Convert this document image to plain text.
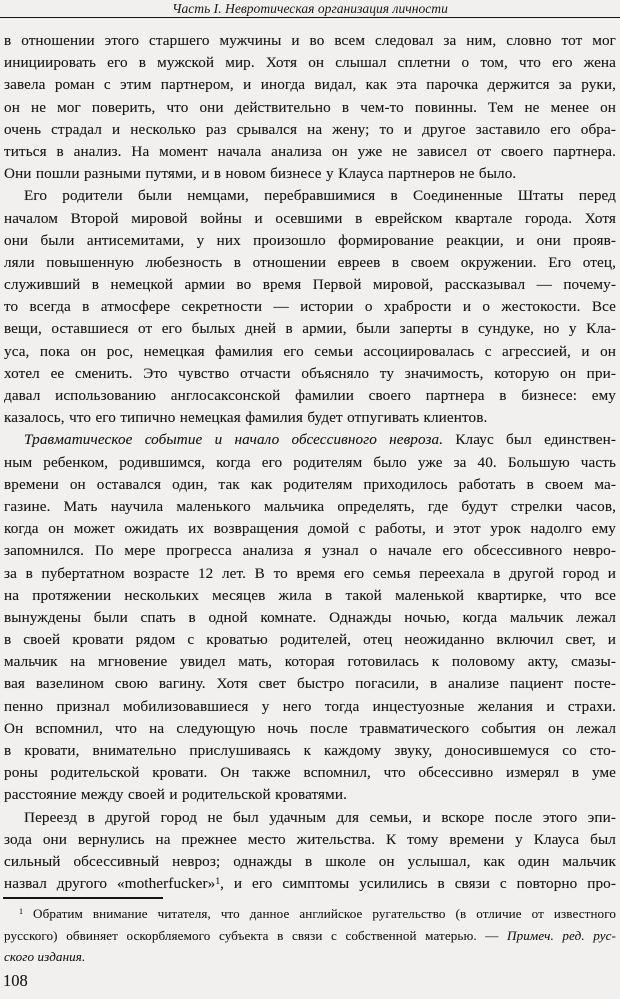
Часть I. Невротическая организация личности
в отношении этого старшего мужчины и во всем следовал за ним, словно тот мог
инициировать его в мужской мир. Хотя он слышал сплетни о том, что его жена
завела роман с этим партнером, и иногда видал, как эта парочка держится за руки,
он не мог поверить, что они действительно в чем-то повинны. Тем не менее он
очень страдал и несколько раз срывался на жену; то и другое заставило его обра-
титься в анализ. На момент начала анализа он уже не зависел от своего партнера.
Они пошли разными путями, и в новом бизнесе у Клауса партнеров не было.
Его родители были немцами, перебравшимися в Соединенные Штаты перед
началом Второй мировой войны и осевшими в еврейском квартале города. Хотя
они были антисемитами, у них произошло формирование реакции, и они прояв-
ляли повышенную любезность в отношении евреев в своем окружении. Его отец,
служивший в немецкой армии во время Первой мировой, рассказывал — почему-
то всегда в атмосфере секретности — истории о храбрости и о жестокости. Все
вещи, оставшиеся от его былых дней в армии, были заперты в сундуке, но у Кла-
уса, пока он рос, немецкая фамилия его семьи ассоциировалась с агрессией, и он
хотел ее сменить. Это чувство отчасти объясняло ту значимость, которую он при-
давал использованию англосаксонской фамилии своего партнера в бизнесе: ему
казалось, что его типично немецкая фамилия будет отпугивать клиентов.
Травматическое событие и начало обсессивного невроза. Клаус был единствен-
ным ребенком, родившимся, когда его родителям было уже за 40. Большую часть
времени он оставался один, так как родителям приходилось работать в своем ма-
газине. Мать научила маленького мальчика определять, где будут стрелки часов,
когда он может ожидать их возвращения домой с работы, и этот урок надолго ему
запомнился. По мере прогресса анализа я узнал о начале его обсессивного невро-
за в пубертатном возрасте 12 лет. В то время его семья переехала в другой город и
на протяжении нескольких месяцев жила в такой маленькой квартирке, что все
вынуждены были спать в одной комнате. Однажды ночью, когда мальчик лежал
в своей кровати рядом с кроватью родителей, отец неожиданно включил свет, и
мальчик на мгновение увидел мать, которая готовилась к половому акту, смазы-
вая вазелином свою вагину. Хотя свет быстро погасили, в анализе пациент посте-
пенно признал мобилизовавшиеся у него тогда инцестуозные желания и страхи.
Он вспомнил, что на следующую ночь после травматического события он лежал
в кровати, внимательно прислушиваясь к каждому звуку, доносившемуся со сто-
роны родительской кровати. Он также вспомнил, что обсессивно измерял в уме
расстояние между своей и родительской кроватями.
Переезд в другой город не был удачным для семьи, и вскоре после этого эпи-
зода они вернулись на прежнее место жительства. К тому времени у Клауса был
сильный обсессивный невроз; однажды в школе он услышал, как один мальчик
назвал другого «motherfucker»$^1$, и его симптомы усилились в связи с повторно про-
$^1$ Обратим внимание читателя, что данное английское ругательство (в отличие от известного
русского) обвиняет оскорбляемого субъекта в связи с собственной матерью. — Примеч. ред. рус-
ского издания.
108
